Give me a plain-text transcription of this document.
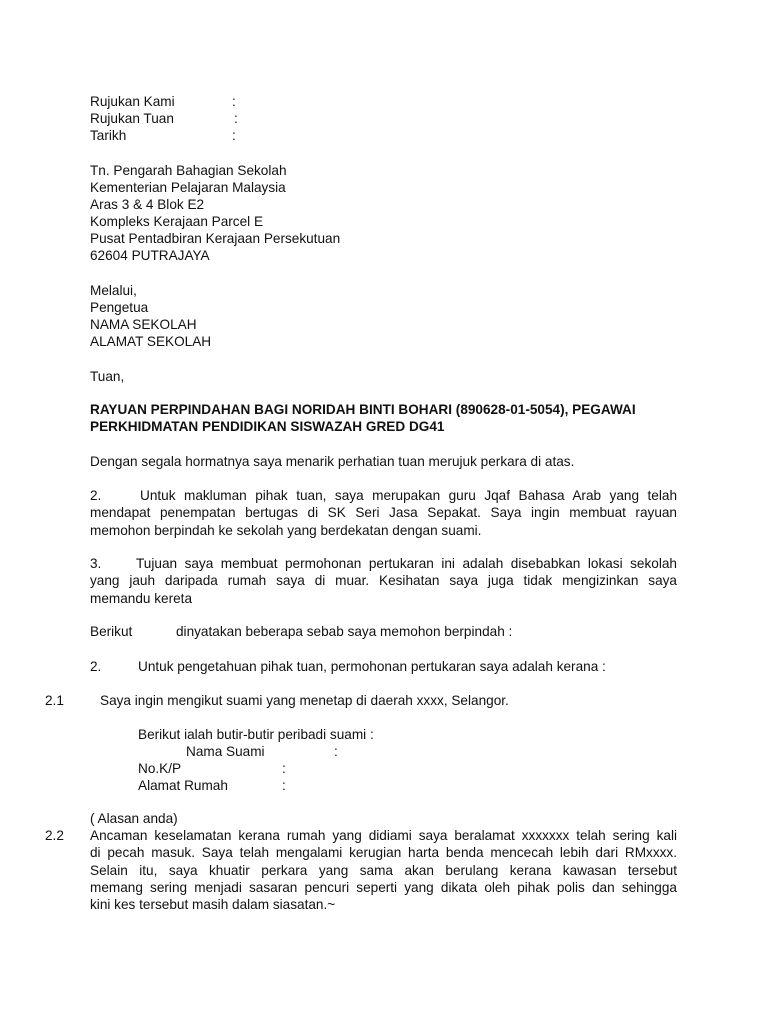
Rujukan Kami	:
Rujukan Tuan	:
Tarikh	:
Tn. Pengarah Bahagian Sekolah
Kementerian Pelajaran Malaysia
Aras 3 & 4 Blok E2
Kompleks Kerajaan Parcel E
Pusat Pentadbiran Kerajaan Persekutuan
62604 PUTRAJAYA
Melalui,
Pengetua
NAMA SEKOLAH
ALAMAT SEKOLAH
Tuan,
RAYUAN PERPINDAHAN BAGI NORIDAH BINTI BOHARI (890628-01-5054), PEGAWAI
PERKHIDMATAN PENDIDIKAN SISWAZAH GRED DG41
Dengan segala hormatnya saya menarik perhatian tuan merujuk perkara di atas.
2.	Untuk makluman pihak tuan, saya merupakan guru Jqaf Bahasa Arab yang telah
mendapat penempatan bertugas di SK Seri Jasa Sepakat. Saya ingin membuat rayuan
memohon berpindah ke sekolah yang berdekatan dengan suami.
3.	Tujuan saya membuat permohonan pertukaran ini adalah disebabkan lokasi sekolah
yang jauh daripada rumah saya di muar. Kesihatan saya juga tidak mengizinkan saya
memandu kereta
Berikut	dinyatakan beberapa sebab saya memohon berpindah :
2.	Untuk pengetahuan pihak tuan, permohonan pertukaran saya adalah kerana :
2.1	Saya ingin mengikut suami yang menetap di daerah xxxx, Selangor.
Berikut ialah butir-butir peribadi suami :
Nama Suami	:
No.K/P	:
Alamat Rumah	:
( Alasan anda)
2.2 Ancaman keselamatan kerana rumah yang didiami saya beralamat xxxxxxx telah sering kali
di pecah masuk. Saya telah mengalami kerugian harta benda mencecah lebih dari RMxxxx.
Selain itu, saya khuatir perkara yang sama akan berulang kerana kawasan tersebut
memang sering menjadi sasaran pencuri seperti yang dikata oleh pihak polis dan sehingga
kini kes tersebut masih dalam siasatan.~
